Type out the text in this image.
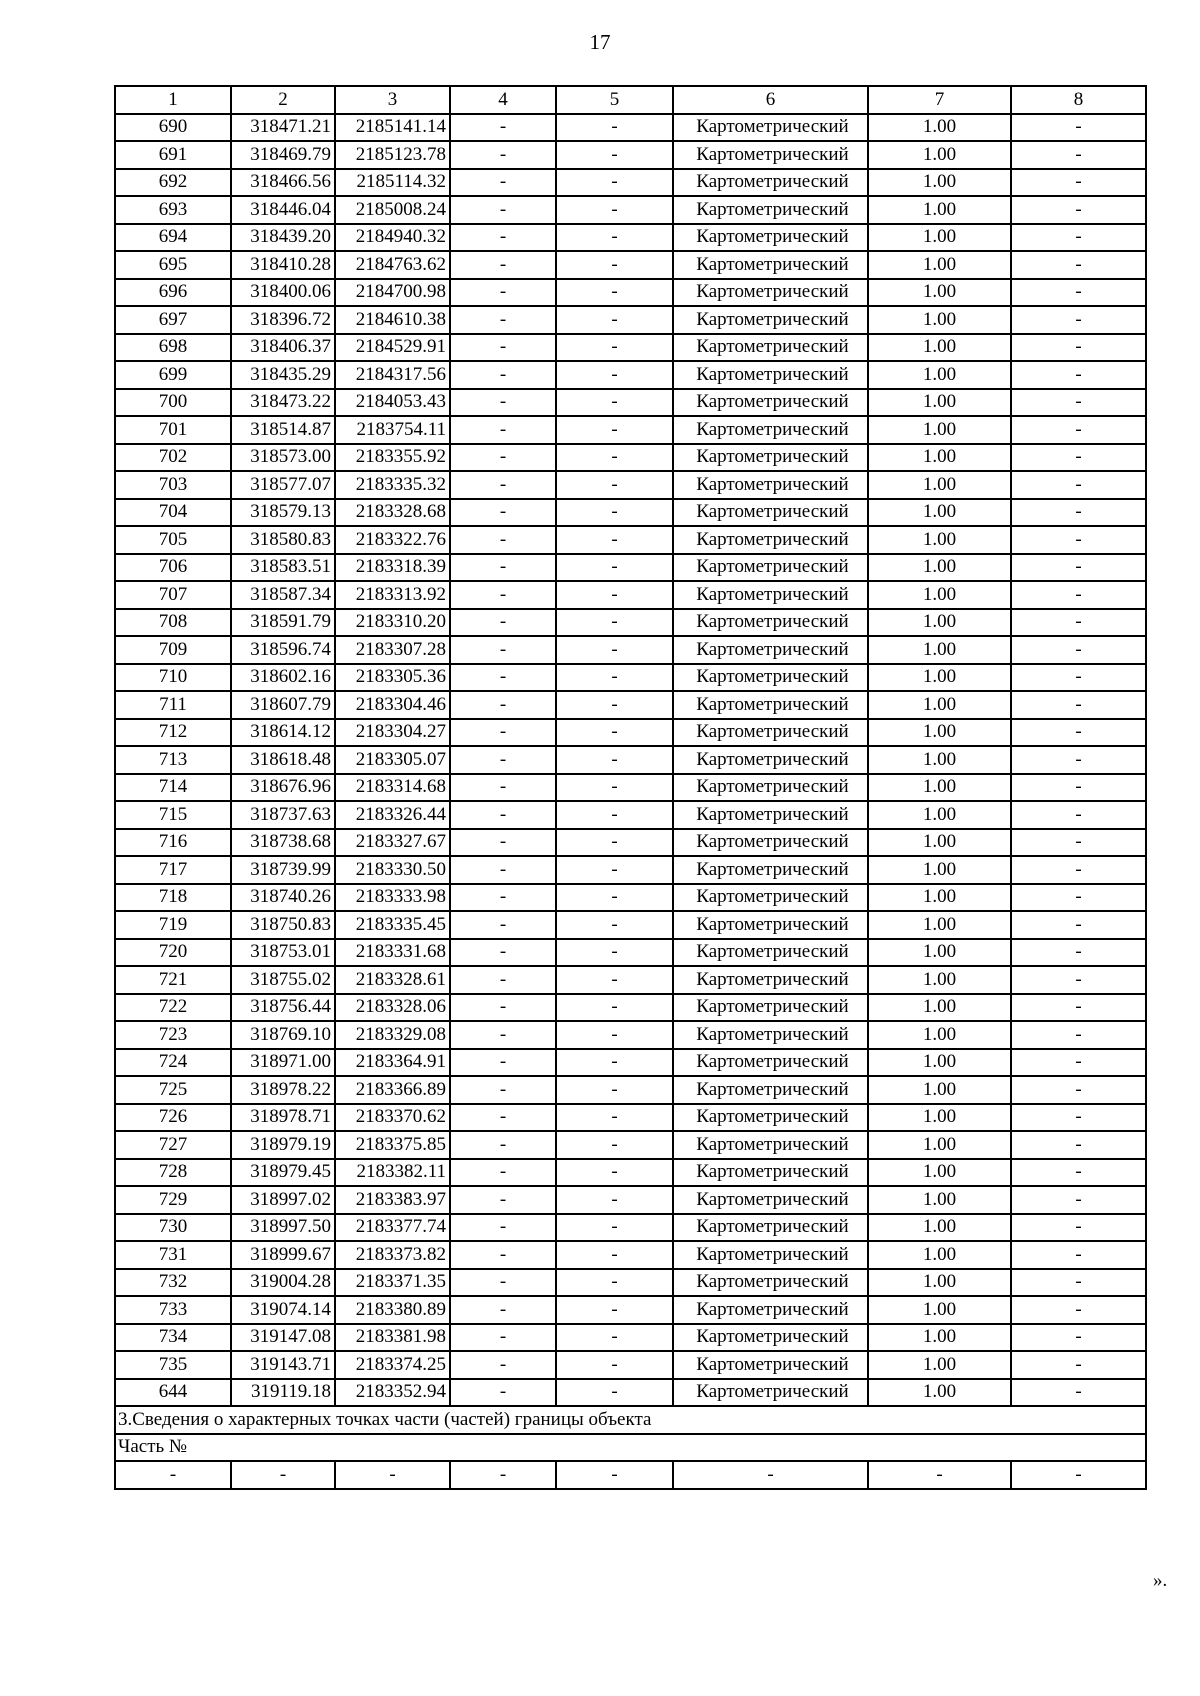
17
1	2	3	4	5	6	7	8
690	318471.21	2185141.14	-	-	Картометрический	1.00	-
691	318469.79	2185123.78	-	-	Картометрический	1.00	-
692	318466.56	2185114.32	-	-	Картометрический	1.00	-
693	318446.04	2185008.24	-	-	Картометрический	1.00	-
694	318439.20	2184940.32	-	-	Картометрический	1.00	-
695	318410.28	2184763.62	-	-	Картометрический	1.00	-
696	318400.06	2184700.98	-	-	Картометрический	1.00	-
697	318396.72	2184610.38	-	-	Картометрический	1.00	-
698	318406.37	2184529.91	-	-	Картометрический	1.00	-
699	318435.29	2184317.56	-	-	Картометрический	1.00	-
700	318473.22	2184053.43	-	-	Картометрический	1.00	-
701	318514.87	2183754.11	-	-	Картометрический	1.00	-
702	318573.00	2183355.92	-	-	Картометрический	1.00	-
703	318577.07	2183335.32	-	-	Картометрический	1.00	-
704	318579.13	2183328.68	-	-	Картометрический	1.00	-
705	318580.83	2183322.76	-	-	Картометрический	1.00	-
706	318583.51	2183318.39	-	-	Картометрический	1.00	-
707	318587.34	2183313.92	-	-	Картометрический	1.00	-
708	318591.79	2183310.20	-	-	Картометрический	1.00	-
709	318596.74	2183307.28	-	-	Картометрический	1.00	-
710	318602.16	2183305.36	-	-	Картометрический	1.00	-
711	318607.79	2183304.46	-	-	Картометрический	1.00	-
712	318614.12	2183304.27	-	-	Картометрический	1.00	-
713	318618.48	2183305.07	-	-	Картометрический	1.00	-
714	318676.96	2183314.68	-	-	Картометрический	1.00	-
715	318737.63	2183326.44	-	-	Картометрический	1.00	-
716	318738.68	2183327.67	-	-	Картометрический	1.00	-
717	318739.99	2183330.50	-	-	Картометрический	1.00	-
718	318740.26	2183333.98	-	-	Картометрический	1.00	-
719	318750.83	2183335.45	-	-	Картометрический	1.00	-
720	318753.01	2183331.68	-	-	Картометрический	1.00	-
721	318755.02	2183328.61	-	-	Картометрический	1.00	-
722	318756.44	2183328.06	-	-	Картометрический	1.00	-
723	318769.10	2183329.08	-	-	Картометрический	1.00	-
724	318971.00	2183364.91	-	-	Картометрический	1.00	-
725	318978.22	2183366.89	-	-	Картометрический	1.00	-
726	318978.71	2183370.62	-	-	Картометрический	1.00	-
727	318979.19	2183375.85	-	-	Картометрический	1.00	-
728	318979.45	2183382.11	-	-	Картометрический	1.00	-
729	318997.02	2183383.97	-	-	Картометрический	1.00	-
730	318997.50	2183377.74	-	-	Картометрический	1.00	-
731	318999.67	2183373.82	-	-	Картометрический	1.00	-
732	319004.28	2183371.35	-	-	Картометрический	1.00	-
733	319074.14	2183380.89	-	-	Картометрический	1.00	-
734	319147.08	2183381.98	-	-	Картометрический	1.00	-
735	319143.71	2183374.25	-	-	Картометрический	1.00	-
644	319119.18	2183352.94	-	-	Картометрический	1.00	-
3.Сведения о характерных точках части (частей) границы объекта							
Часть №							
-	-	-	-	-	-	-	-
».
